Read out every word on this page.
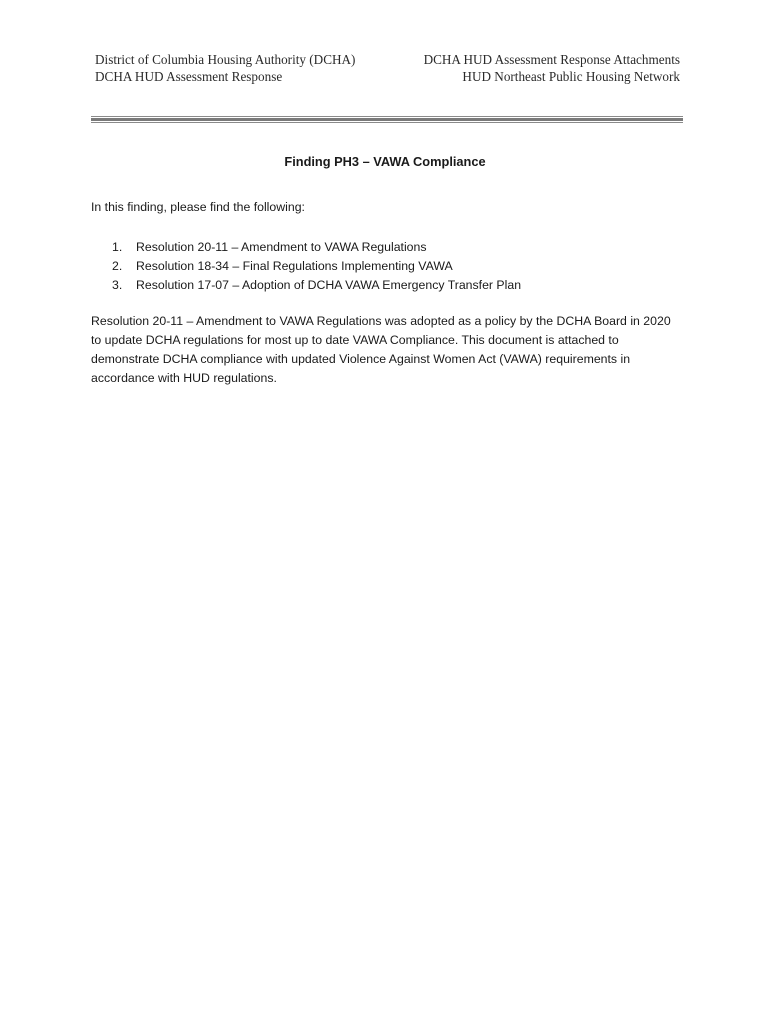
District of Columbia Housing Authority (DCHA)
DCHA HUD Assessment Response
DCHA HUD Assessment Response Attachments
HUD Northeast Public Housing Network
Finding PH3 – VAWA Compliance
In this finding, please find the following:
1. Resolution 20-11 – Amendment to VAWA Regulations
2. Resolution 18-34 – Final Regulations Implementing VAWA
3. Resolution 17-07 – Adoption of DCHA VAWA Emergency Transfer Plan

Resolution 20-11 – Amendment to VAWA Regulations was adopted as a policy by the DCHA Board in 2020 to update DCHA regulations for most up to date VAWA Compliance. This document is attached to demonstrate DCHA compliance with updated Violence Against Women Act (VAWA) requirements in accordance with HUD regulations.
